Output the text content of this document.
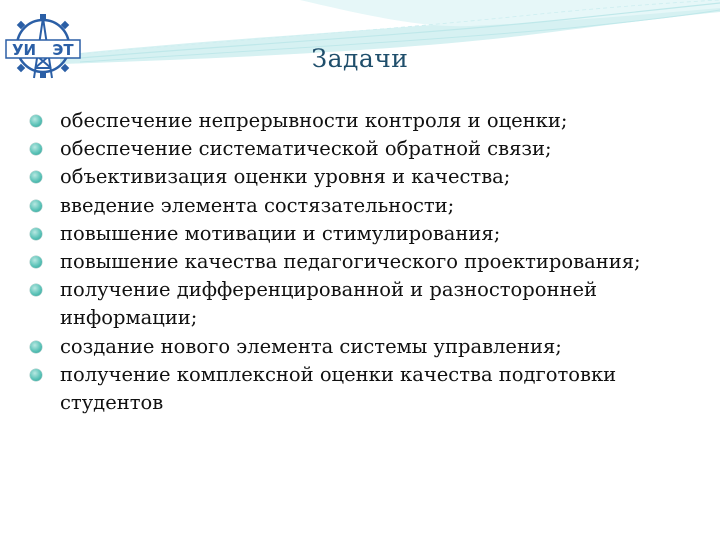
УИ ЭТ	Задачи
обеспечение непрерывности контроля и оценки;
обеспечение систематической обратной связи;
объективизация оценки уровня и качества;
введение элемента состязательности;
повышение мотивации и стимулирования;
повышение качества педагогического проектирования;
получение дифференцированной и разносторонней информации;
создание нового элемента системы управления;
получение комплексной оценки качества подготовки студентов
